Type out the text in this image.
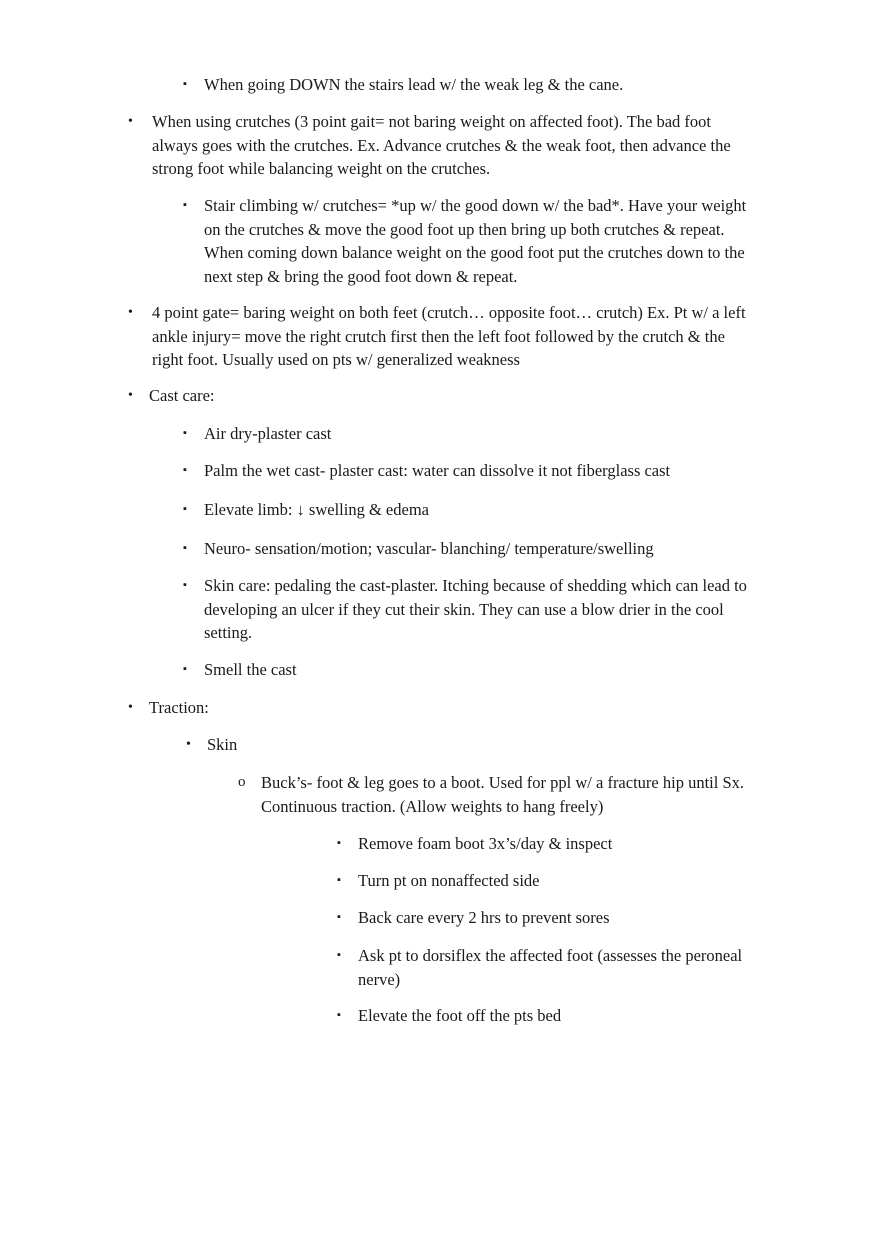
▪	When going DOWN the stairs lead w/ the weak leg & the cane.
•	When using crutches (3 point gait= not baring weight on affected foot). The bad foot always goes with the crutches. Ex. Advance crutches & the weak foot, then advance the strong foot while balancing weight on the crutches.
▪	Stair climbing w/ crutches= *up w/ the good down w/ the bad*. Have your weight on the crutches & move the good foot up then bring up both crutches & repeat. When coming down balance weight on the good foot put the crutches down to the next step & bring the good foot down & repeat.
•	4 point gate= baring weight on both feet (crutch… opposite foot… crutch) Ex. Pt w/ a left ankle injury= move the right crutch first then the left foot followed by the crutch & the right foot. Usually used on pts w/ generalized weakness
• Cast care:
▪	Air dry-plaster cast
▪	Palm the wet cast- plaster cast: water can dissolve it not fiberglass cast
▪	Elevate limb: ↓ swelling & edema
▪	Neuro- sensation/motion; vascular- blanching/ temperature/swelling
▪	Skin care: pedaling the cast-plaster. Itching because of shedding which can lead to developing an ulcer if they cut their skin. They can use a blow drier in the cool setting.
▪	Smell the cast
• Traction:
• Skin
o Buck’s- foot & leg goes to a boot. Used for ppl w/ a fracture hip until Sx. Continuous traction. (Allow weights to hang freely)
▪	Remove foam boot 3x’s/day & inspect
▪	Turn pt on nonaffected side
▪	Back care every 2 hrs to prevent sores
▪	Ask pt to dorsiflex the affected foot (assesses the peroneal nerve)
▪	Elevate the foot off the pts bed
